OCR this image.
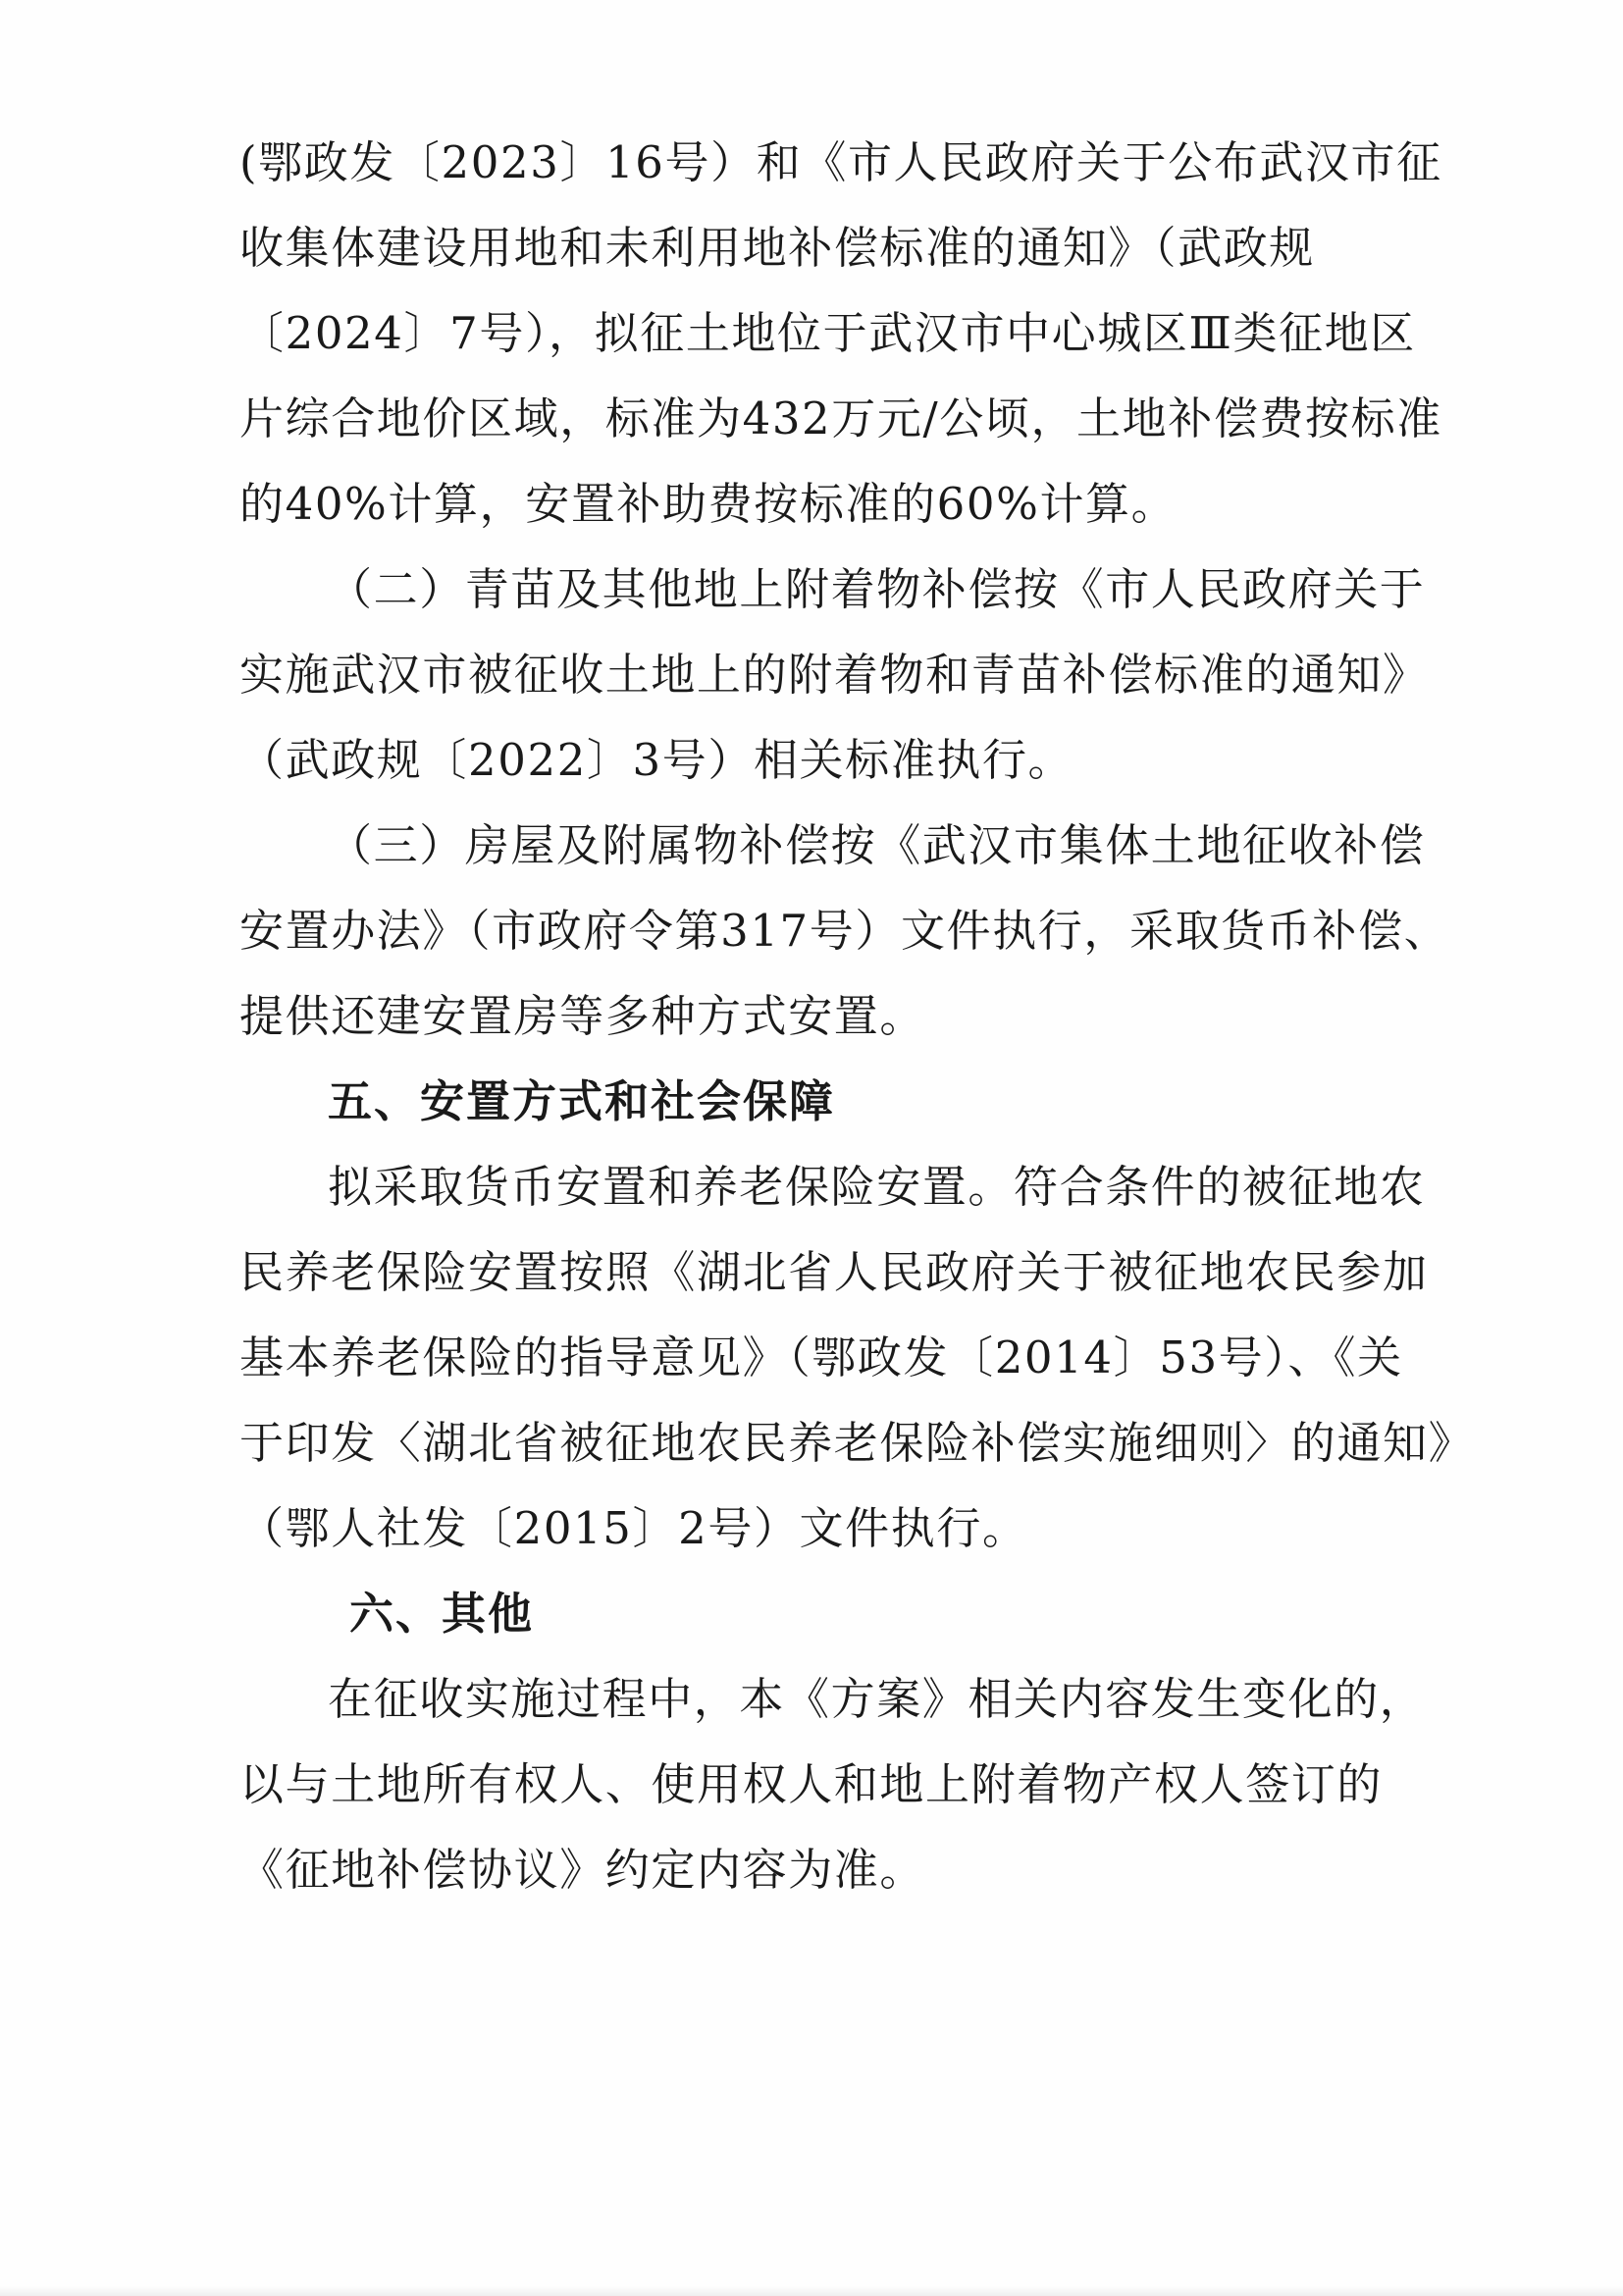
(鄂政发〔2023〕16号）和《市人民政府关于公布武汉市征
收集体建设用地和未利用地补偿标准的通知》（武政规
〔2024〕7号），拟征土地位于武汉市中心城区Ⅲ类征地区
片综合地价区域，标准为432万元/公顷，土地补偿费按标准
的40%计算，安置补助费按标准的60%计算。
（二）青苗及其他地上附着物补偿按《市人民政府关于
实施武汉市被征收土地上的附着物和青苗补偿标准的通知》
（武政规〔2022〕3号）相关标准执行。
（三）房屋及附属物补偿按《武汉市集体土地征收补偿
安置办法》（市政府令第317号）文件执行，采取货币补偿、
提供还建安置房等多种方式安置。
五、安置方式和社会保障
拟采取货币安置和养老保险安置。符合条件的被征地农
民养老保险安置按照《湖北省人民政府关于被征地农民参加
基本养老保险的指导意见》（鄂政发〔2014〕53号）、《关
于印发〈湖北省被征地农民养老保险补偿实施细则〉的通知》
（鄂人社发〔2015〕2号）文件执行。
六、其他
在征收实施过程中，本《方案》相关内容发生变化的，
以与土地所有权人、使用权人和地上附着物产权人签订的
《征地补偿协议》约定内容为准。
